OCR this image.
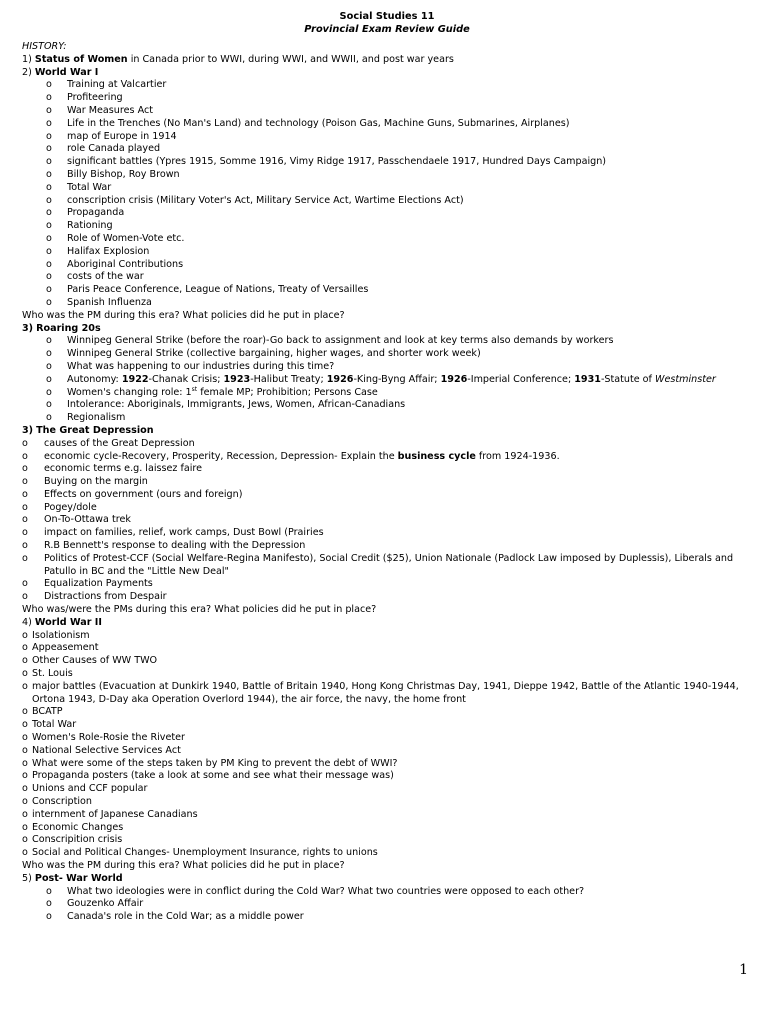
Social Studies 11
Provincial Exam Review Guide
HISTORY:
1) Status of Women in Canada prior to WWI, during WWI, and WWII, and post war years
2) World War I
o Training at Valcartier
o Profiteering
o War Measures Act
o Life in the Trenches (No Man's Land) and technology (Poison Gas, Machine Guns, Submarines, Airplanes)
o map of Europe in 1914
o role Canada played
o significant battles (Ypres 1915, Somme 1916, Vimy Ridge 1917, Passchendaele 1917, Hundred Days Campaign)
o Billy Bishop, Roy Brown
o Total War
o conscription crisis (Military Voter's Act, Military Service Act, Wartime Elections Act)
o Propaganda
o Rationing
o Role of Women-Vote etc.
o Halifax Explosion
o Aboriginal Contributions
o costs of the war
o Paris Peace Conference, League of Nations, Treaty of Versailles
o Spanish Influenza
Who was the PM during this era? What policies did he put in place?
3) Roaring 20s
o Winnipeg General Strike (before the roar)-Go back to assignment and look at key terms also demands by workers
o Winnipeg General Strike (collective bargaining, higher wages, and shorter work week)
o What was happening to our industries during this time?
o Autonomy: 1922-Chanak Crisis; 1923-Halibut Treaty; 1926-King-Byng Affair; 1926-Imperial Conference; 1931-Statute of Westminster
o Women's changing role: 1st female MP; Prohibition; Persons Case
o Intolerance: Aboriginals, Immigrants, Jews, Women, African-Canadians
o Regionalism
3) The Great Depression
o causes of the Great Depression
o economic cycle-Recovery, Prosperity, Recession, Depression- Explain the business cycle from 1924-1936.
o economic terms e.g. laissez faire
o Buying on the margin
o Effects on government (ours and foreign)
o Pogey/dole
o On-To-Ottawa trek
o impact on families, relief, work camps, Dust Bowl (Prairies
o R.B Bennett's response to dealing with the Depression
o Politics of Protest-CCF (Social Welfare-Regina Manifesto), Social Credit ($25), Union Nationale (Padlock Law imposed by Duplessis), Liberals and Patullo in BC and the "Little New Deal"
o Equalization Payments
o Distractions from Despair
Who was/were the PMs during this era? What policies did he put in place?
4) World War II
o Isolationism
o Appeasement
o Other Causes of WW TWO
o St. Louis
o major battles (Evacuation at Dunkirk 1940, Battle of Britain 1940, Hong Kong Christmas Day, 1941, Dieppe 1942, Battle of the Atlantic 1940-1944, Ortona 1943, D-Day aka Operation Overlord 1944), the air force, the navy, the home front
o BCATP
o Total War
o Women's Role-Rosie the Riveter
o National Selective Services Act
o What were some of the steps taken by PM King to prevent the debt of WWI?
o Propaganda posters (take a look at some and see what their message was)
o Unions and CCF popular
o Conscription
o internment of Japanese Canadians
o Economic Changes
o Conscripition crisis
o Social and Political Changes- Unemployment Insurance, rights to unions
Who was the PM during this era? What policies did he put in place?
5) Post- War World
o What two ideologies were in conflict during the Cold War? What two countries were opposed to each other?
o Gouzenko Affair
o Canada's role in the Cold War; as a middle power
1
